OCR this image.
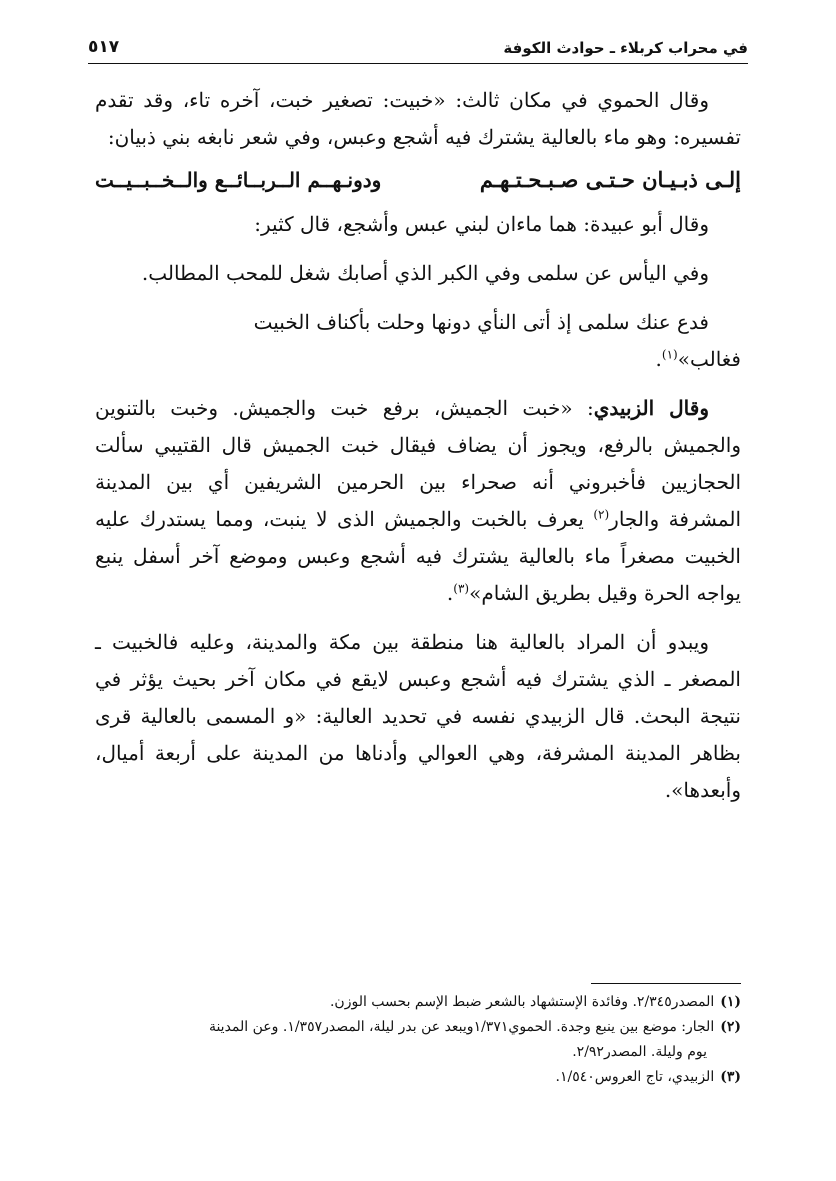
في محراب كربلاء ـ حوادث الكوفة
٥١٧

وقال الحموي في مكان ثالث: «خبيت: تصغير خبت، آخره تاء، وقد تقدم تفسيره: وهو ماء بالعالية يشترك فيه أشجع وعبس، وفي شعر نابغه بني ذبيان:

إلـى ذبـيـان حـتـى صـبـحـتـهـم
ودونـهــم الــربــائــع والــخــبــيــت

وقال أبو عبيدة: هما ماءان لبني عبس وأشجع، قال كثير:

وفي اليأس عن سلمى وفي الكبر الذي أصابك شغل للمحب المطالب.

فدع عنك سلمى إذ أتى النأي دونها وحلت بأكناف الخبيت
فغالب»$^{(١)}$.

وقال الزبيدي: «خبت الجميش، برفع خبت والجميش. وخبت بالتنوين والجميش بالرفع، ويجوز أن يضاف فيقال خبت الجميش قال القتيبي سألت الحجازيين فأخبروني أنه صحراء بين الحرمين الشريفين أي بين المدينة المشرفة والجار$^{(٢)}$ يعرف بالخبت والجميش الذى لا ينبت، ومما يستدرك عليه الخبيت مصغراً ماء بالعالية يشترك فيه أشجع وعبس وموضع آخر أسفل ينبع يواجه الحرة وقيل بطريق الشام»$^{(٣)}$.

ويبدو أن المراد بالعالية هنا منطقة بين مكة والمدينة، وعليه فالخبيت ـ المصغر ـ الذي يشترك فيه أشجع وعبس لايقع في مكان آخر بحيث يؤثر في نتيجة البحث. قال الزبيدي نفسه في تحديد العالية: «و المسمى بالعالية قرى بظاهر المدينة المشرفة، وهي العوالي وأدناها من المدينة على أربعة أميال، وأبعدها».

(١)المصدر٢/٣٤٥. وفائدة الإستشهاد بالشعر ضبط الإسم بحسب الوزن.

(٢)الجار: موضع بين ينبع وجدة. الحموي١/٣٧١ويبعد عن بدر ليلة، المصدر١/٣٥٧. وعن المدينة

يوم وليلة. المصدر٢/٩٢.

(٣)الزبيدي، تاج العروس١/٥٤٠.
